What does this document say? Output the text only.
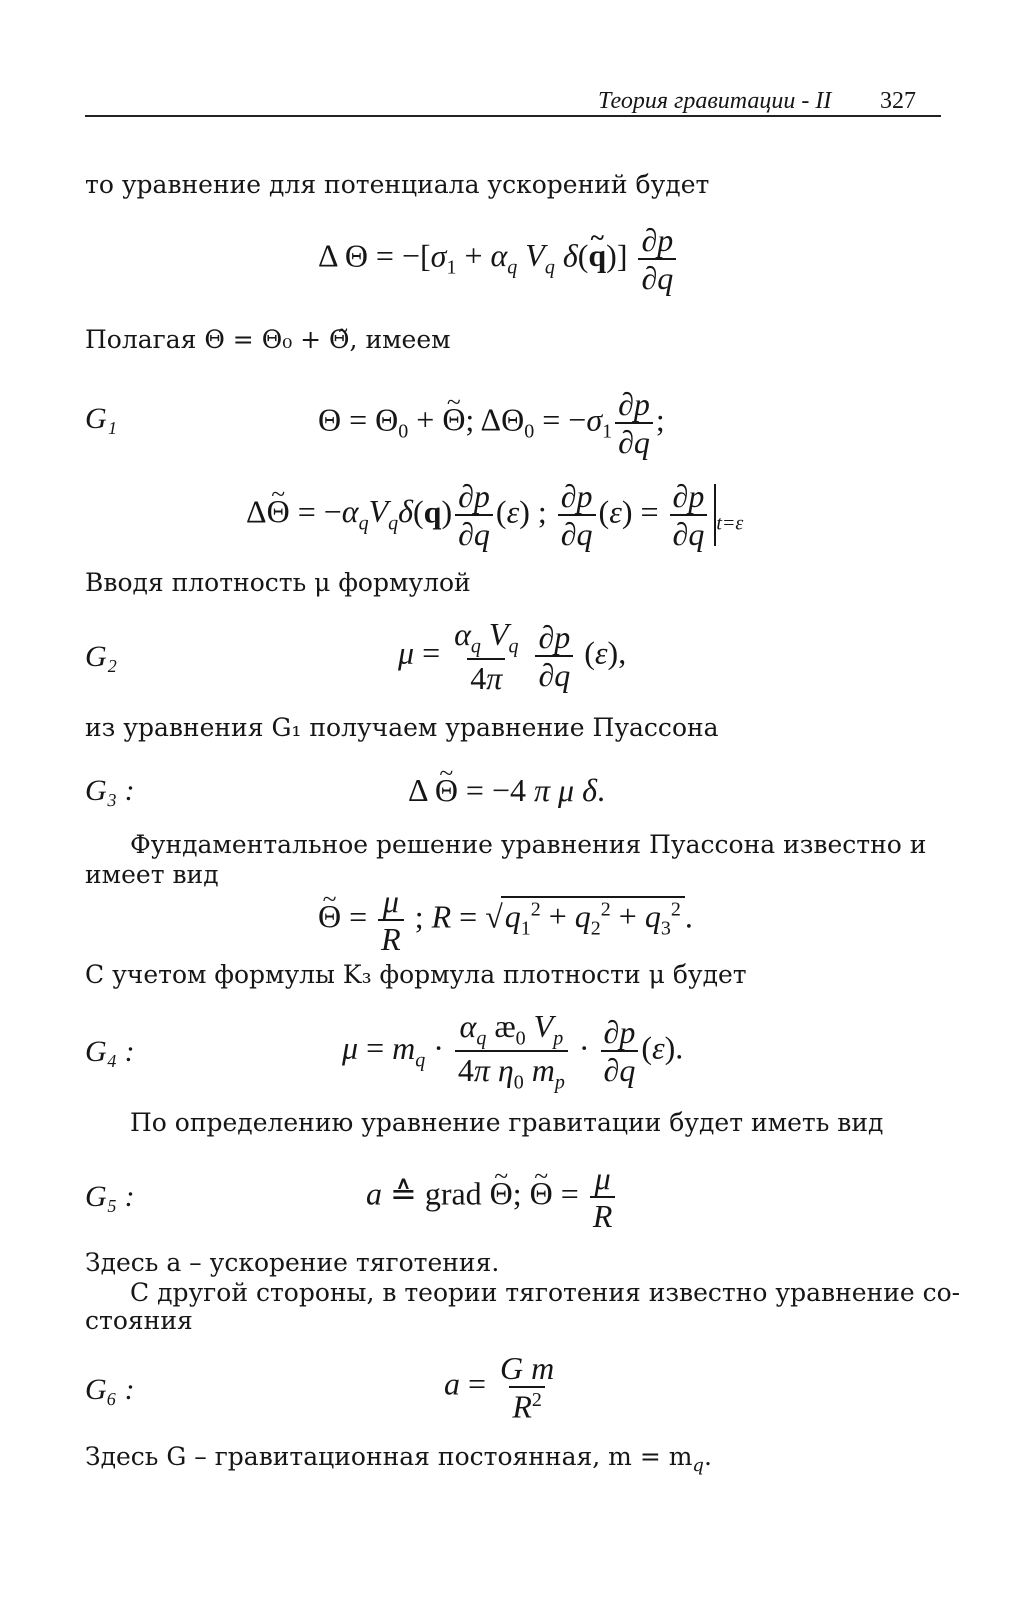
Теория гравитации - II 327
то уравнение для потенциала ускорений будет
Δ $\Theta = -[\sigma_1 + \alpha_q$ $V_q$ δ(~ $q)] \frac{\partial p}{\partial q}$
Полагая Θ = Θ₀ + Θ̃, имеем
G₁	$\Theta = \Theta_0$ + ~ Θ; $\Delta\Theta_0 = -\sigma_1 \frac{\partial p}{\partial q}$ ;
Δ~ $\Theta = -\alpha_qV_q\delta(q) \frac{\partial p}{\partial q} (\varepsilon)$ ; $\frac{\partial p}{\partial q} (\varepsilon) = \frac{\partial p}{\partial q} _{t=\varepsilon}$
Вводя плотность μ формулой
G₂	$\mu = \frac{\alpha_q V_q}{4\pi}$
$\frac{\partial p}{\partial q} (\varepsilon)$,
из уравнения G₁ получаем уравнение Пуассона
G₃ :	Δ ~ Θ = −4 π μ δ.
Фундаментальное решение уравнения Пуассона известно и
имеет вид
~ $\Theta = \frac{\mu}{R}$ ; $R = √q_1^2 + q_2^2 + q_3^2$ .
С учетом формулы K₃ формула плотности μ будет
G₄ :	$\mu = m_q \cdot \frac{\alpha_q æ_0 V_p}{4\pi \eta_0 m_p} \cdot \frac{\partial p}{\partial q} (\varepsilon)$.
По определению уравнение гравитации будет иметь вид
G₅ :	a ≙ grad ~ Θ; ~ $\Theta = \frac{\mu}{R}$
Здесь a – ускорение тяготения.
С другой стороны, в теории тяготения известно уравнение со-
стояния
G₆ :	$a = \frac{\text{G m}}{R^2}$
Здесь G – гравитационная постоянная, $m = m_q$.
